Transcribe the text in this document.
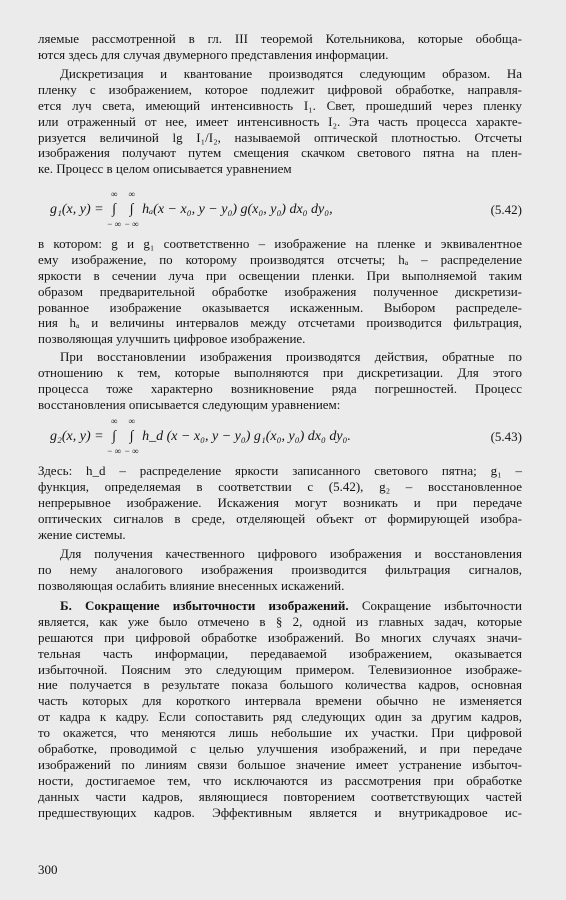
ляемые рассмотренной в гл. III теоремой Котельникова, которые обобща-
ются здесь для случая двумерного представления информации.
Дискретизация и квантование производятся следующим образом. На
пленку с изображением, которое подлежит цифровой обработке, направля-
ется луч света, имеющий интенсивность I₁. Свет, прошедший через пленку
или отраженный от нее, имеет интенсивность I₂. Эта часть процесса характе-
ризуется величиной lg I₁/I₂, называемой оптической плотностью. Отсчеты
изображения получают путем смещения скачком светового пятна на плен-
ке. Процесс в целом описывается уравнением
g₁(x, y) = ∫
∞
− ∞
∫
∞
− ∞
hₐ(x − x₀, y − y₀) g(x₀, y₀) dx₀ dy₀,	(5.42)
в котором: g и g₁ соответственно – изображение на пленке и эквивалентное
ему изображение, по которому производятся отсчеты; hₐ – распределение
яркости в сечении луча при освещении пленки. При выполняемой таким
образом предварительной обработке изображения полученное дискретизи-
рованное изображение оказывается искаженным. Выбором распределе-
ния hₐ и величины интервалов между отсчетами производится фильтрация,
позволяющая улучшить цифровое изображение.
При восстановлении изображения производятся действия, обратные по
отношению к тем, которые выполняются при дискретизации. Для этого
процесса тоже характерно возникновение ряда погрешностей. Процесс
восстановления описывается следующим уравнением:
g₂(x, y) = ∫
∞
− ∞
∫
∞
− ∞
h_d (x − x₀, y − y₀) g₁(x₀, y₀) dx₀ dy₀.	(5.43)
Здесь: h_d – распределение яркости записанного светового пятна; g₁ –
функция, определяемая в соответствии с (5.42), g₂ – восстановленное
непрерывное изображение. Искажения могут возникать и при передаче
оптических сигналов в среде, отделяющей объект от формирующей изобра-
жение системы.
Для получения качественного цифрового изображения и восстановления
по нему аналогового изображения производится фильтрация сигналов,
позволяющая ослабить влияние внесенных искажений.
Б. Сокращение избыточности изображений. Сокращение избыточности
является, как уже было отмечено в § 2, одной из главных задач, которые
решаются при цифровой обработке изображений. Во многих случаях значи-
тельная часть информации, передаваемой изображением, оказывается
избыточной. Поясним это следующим примером. Телевизионное изображе-
ние получается в результате показа большого количества кадров, основная
часть которых для короткого интервала времени обычно не изменяется
от кадра к кадру. Если сопоставить ряд следующих один за другим кадров,
то окажется, что меняются лишь небольшие их участки. При цифровой
обработке, проводимой с целью улучшения изображений, и при передаче
изображений по линиям связи большое значение имеет устранение избыточ-
ности, достигаемое тем, что исключаются из рассмотрения при обработке
данных части кадров, являющиеся повторением соответствующих частей
предшествующих кадров. Эффективным является и внутрикадровое ис-
300
